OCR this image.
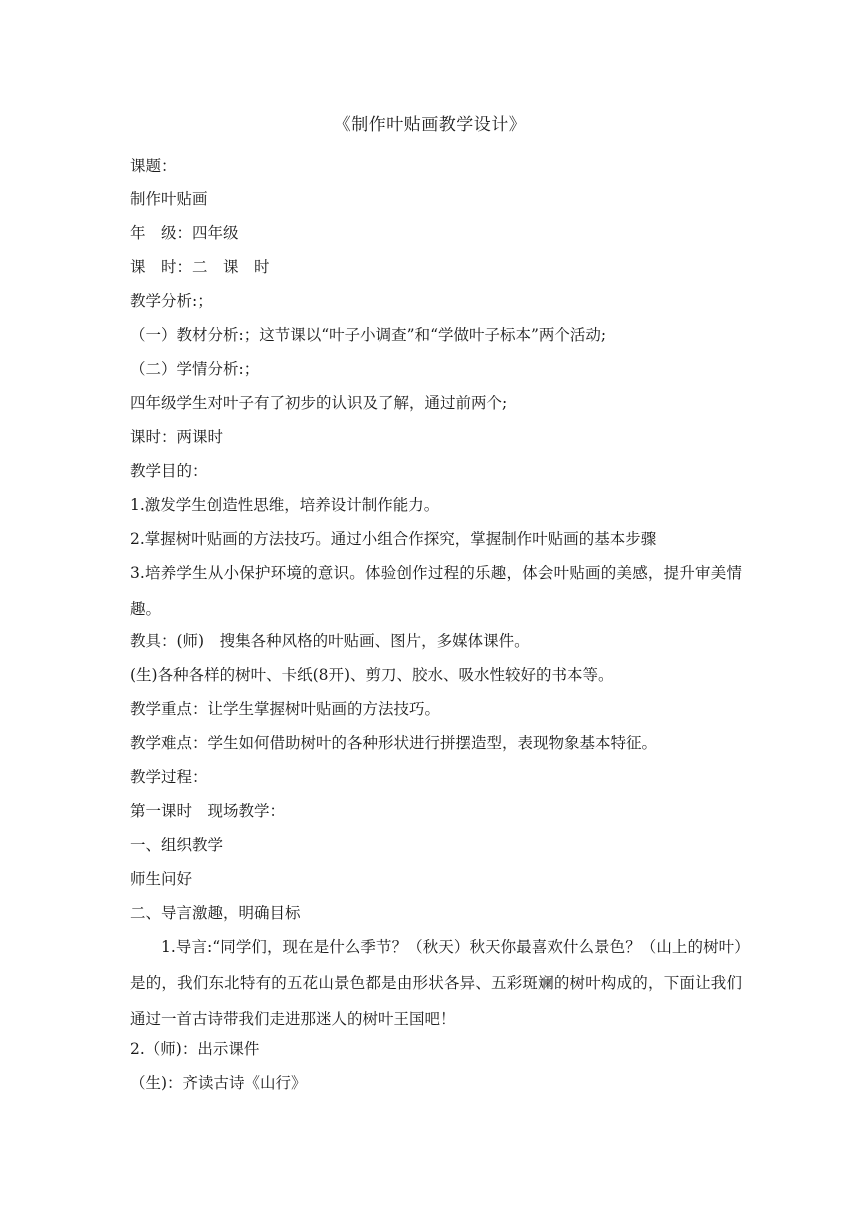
《制作叶贴画教学设计》
课题：
制作叶贴画
年　级：四年级
课　时：二　课　时
教学分析:；
（一）教材分析:；这节课以“叶子小调查”和“学做叶子标本”两个活动;
（二）学情分析:；
四年级学生对叶子有了初步的认识及了解，通过前两个;
课时：两课时
教学目的：
1.激发学生创造性思维，培养设计制作能力。
2.掌握树叶贴画的方法技巧。通过小组合作探究，掌握制作叶贴画的基本步骤
3.培养学生从小保护环境的意识。体验创作过程的乐趣，体会叶贴画的美感，提升审美情趣。
教具：(师)　搜集各种风格的叶贴画、图片，多媒体课件。
(生)各种各样的树叶、卡纸(8开)、剪刀、胶水、吸水性较好的书本等。
教学重点：让学生掌握树叶贴画的方法技巧。
教学难点：学生如何借助树叶的各种形状进行拼摆造型，表现物象基本特征。
教学过程：
第一课时　现场教学：
一、组织教学
师生问好
二、导言激趣，明确目标
1.导言:“同学们，现在是什么季节？（秋天）秋天你最喜欢什么景色？（山上的树叶）是的，我们东北特有的五花山景色都是由形状各异、五彩斑斓的树叶构成的，下面让我们通过一首古诗带我们走进那迷人的树叶王国吧！
2.（师)：出示课件
（生)：齐读古诗《山行》
